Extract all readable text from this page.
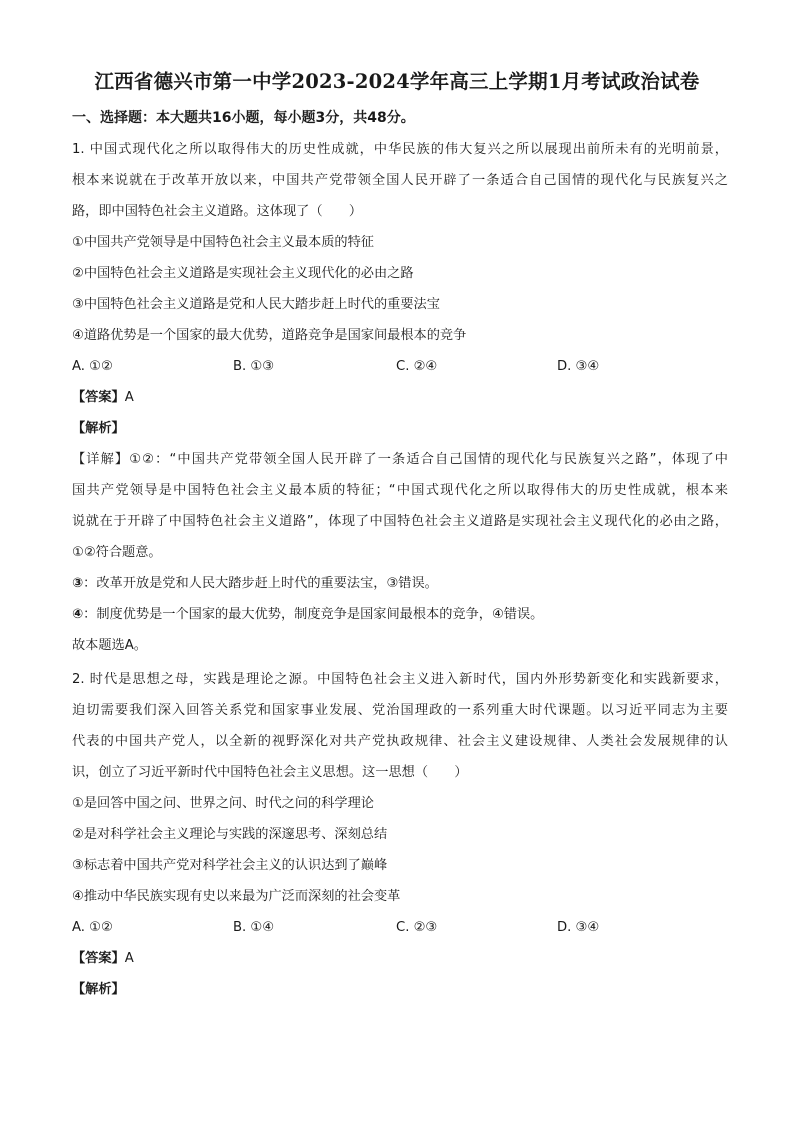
江西省德兴市第一中学2023-2024学年高三上学期1月考试政治试卷
一、选择题：本大题共16小题，每小题3分，共48分。
1. 中国式现代化之所以取得伟大的历史性成就，中华民族的伟大复兴之所以展现出前所未有的光明前景，
根本来说就在于改革开放以来，中国共产党带领全国人民开辟了一条适合自己国情的现代化与民族复兴之
路，即中国特色社会主义道路。这体现了（　　）
①中国共产党领导是中国特色社会主义最本质的特征
②中国特色社会主义道路是实现社会主义现代化的必由之路
③中国特色社会主义道路是党和人民大踏步赶上时代的重要法宝
④道路优势是一个国家的最大优势，道路竞争是国家间最根本的竞争
A. ①②	B. ①③	C. ②④	D. ③④
【答案】A
【解析】
【详解】①②：“中国共产党带领全国人民开辟了一条适合自己国情的现代化与民族复兴之路”，体现了中
国共产党领导是中国特色社会主义最本质的特征；“中国式现代化之所以取得伟大的历史性成就，根本来
说就在于开辟了中国特色社会主义道路”，体现了中国特色社会主义道路是实现社会主义现代化的必由之路，
①②符合题意。
③：改革开放是党和人民大踏步赶上时代的重要法宝，③错误。
④：制度优势是一个国家的最大优势，制度竞争是国家间最根本的竞争，④错误。
故本题选A。
2. 时代是思想之母，实践是理论之源。中国特色社会主义进入新时代，国内外形势新变化和实践新要求，
迫切需要我们深入回答关系党和国家事业发展、党治国理政的一系列重大时代课题。以习近平同志为主要
代表的中国共产党人，以全新的视野深化对共产党执政规律、社会主义建设规律、人类社会发展规律的认
识，创立了习近平新时代中国特色社会主义思想。这一思想（　　）
①是回答中国之问、世界之问、时代之问的科学理论
②是对科学社会主义理论与实践的深邃思考、深刻总结
③标志着中国共产党对科学社会主义的认识达到了巅峰
④推动中华民族实现有史以来最为广泛而深刻的社会变革
A. ①②	B. ①④	C. ②③	D. ③④
【答案】A
【解析】
